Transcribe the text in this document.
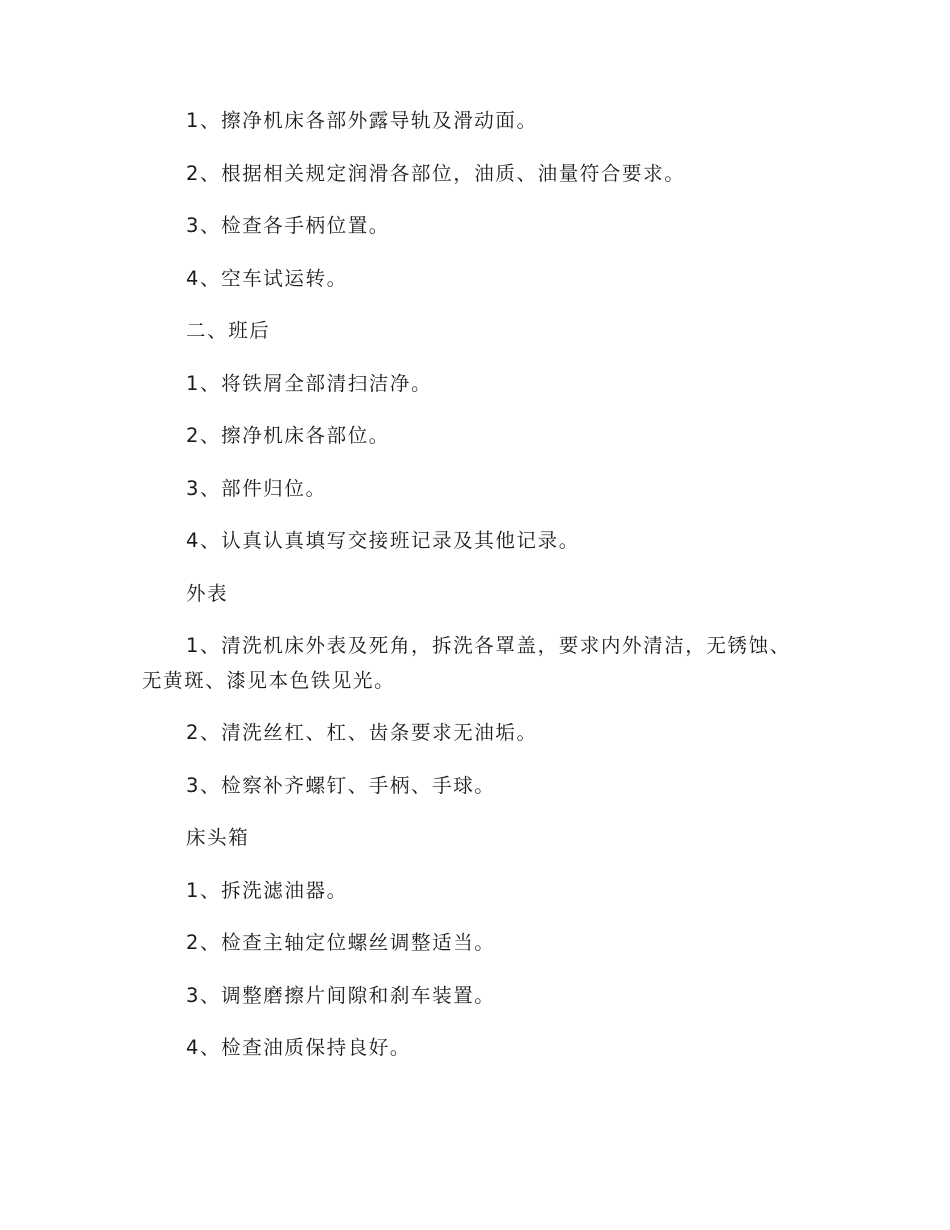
1、擦净机床各部外露导轨及滑动面。

2、根据相关规定润滑各部位，油质、油量符合要求。

3、检查各手柄位置。

4、空车试运转。

二、班后

1、将铁屑全部清扫洁净。

2、擦净机床各部位。

3、部件归位。

4、认真认真填写交接班记录及其他记录。

外表

1、清洗机床外表及死角，拆洗各罩盖，要求内外清洁，无锈蚀、无黄斑、漆见本色铁见光。

2、清洗丝杠、杠、齿条要求无油垢。

3、检察补齐螺钉、手柄、手球。

床头箱

1、拆洗滤油器。

2、检查主轴定位螺丝调整适当。

3、调整磨擦片间隙和刹车装置。

4、检查油质保持良好。
